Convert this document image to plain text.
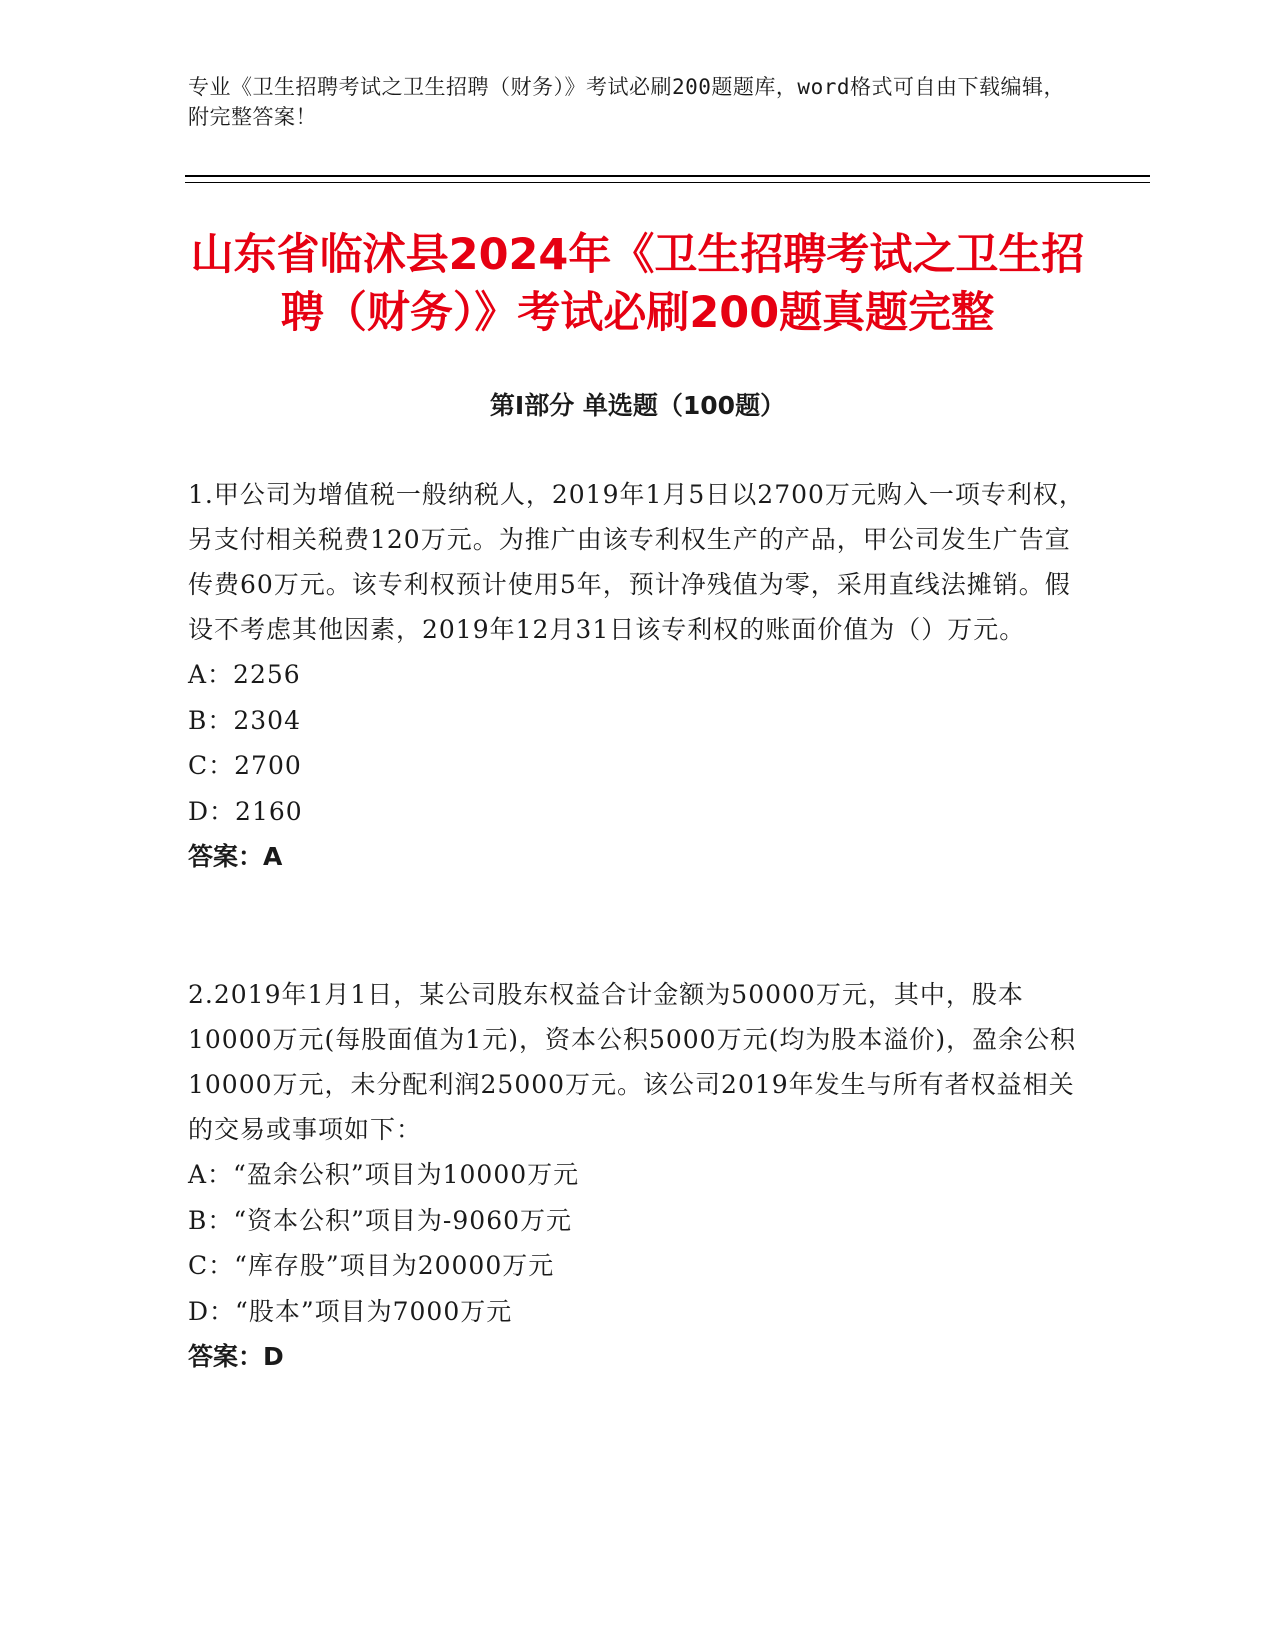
专业《卫生招聘考试之卫生招聘（财务）》考试必刷200题题库，word格式可自由下载编辑，附完整答案！
山东省临沭县2024年《卫生招聘考试之卫生招聘（财务）》考试必刷200题真题完整
第Ⅰ部分 单选题（100题）
1.甲公司为增值税一般纳税人，2019年1月5日以2700万元购入一项专利权，另支付相关税费120万元。为推广由该专利权生产的产品，甲公司发生广告宣传费60万元。该专利权预计使用5年，预计净残值为零，采用直线法摊销。假设不考虑其他因素，2019年12月31日该专利权的账面价值为（）万元。
A：2256
B：2304
C：2700
D：2160
答案：A
2.2019年1月1日，某公司股东权益合计金额为50000万元，其中，股本10000万元(每股面值为1元)，资本公积5000万元(均为股本溢价)，盈余公积10000万元，未分配利润25000万元。该公司2019年发生与所有者权益相关的交易或事项如下：
A：“盈余公积”项目为10000万元
B：“资本公积”项目为-9060万元
C：“库存股”项目为20000万元
D：“股本”项目为7000万元
答案：D
